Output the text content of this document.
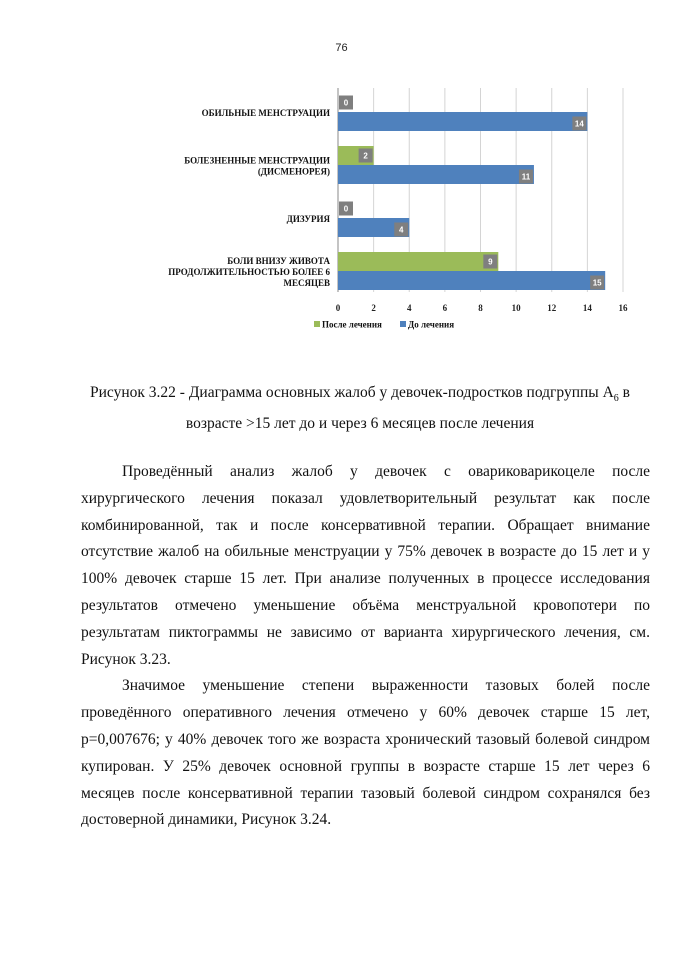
76
ОБИЛЬНЫЕ МЕНСТРУАЦИИ
БОЛЕЗНЕННЫЕ МЕНСТРУАЦИИ
(ДИСМЕНОРЕЯ)
ДИЗУРИЯ
БОЛИ ВНИЗУ ЖИВОТА
ПРОДОЛЖИТЕЛЬНОСТЬЮ БОЛЕЕ 6
МЕСЯЦЕВ
0
14
2
11
0
4
9
15
0	2	4	6	8	10	12	14	16
После лечения	До лечения
Рисунок 3.22 - Диаграмма основных жалоб у девочек-подростков подгруппы $А_6$ в возрасте >15 лет до и через 6 месяцев после лечения

Проведённый анализ жалоб у девочек с овариковарикоцеле после хирургического лечения показал удовлетворительный результат как после комбинированной, так и после консервативной терапии. Обращает внимание отсутствие жалоб на обильные менструации у 75% девочек в возрасте до 15 лет и у 100% девочек старше 15 лет. При анализе полученных в процессе исследования результатов отмечено уменьшение объёма менструальной кровопотери по результатам пиктограммы не зависимо от варианта хирургического лечения, см. Рисунок 3.23.

Значимое уменьшение степени выраженности тазовых болей после проведённого оперативного лечения отмечено у 60% девочек старше 15 лет, p=0,007676; у 40% девочек того же возраста хронический тазовый болевой синдром купирован. У 25% девочек основной группы в возрасте старше 15 лет через 6 месяцев после консервативной терапии тазовый болевой синдром сохранялся без достоверной динамики, Рисунок 3.24.
